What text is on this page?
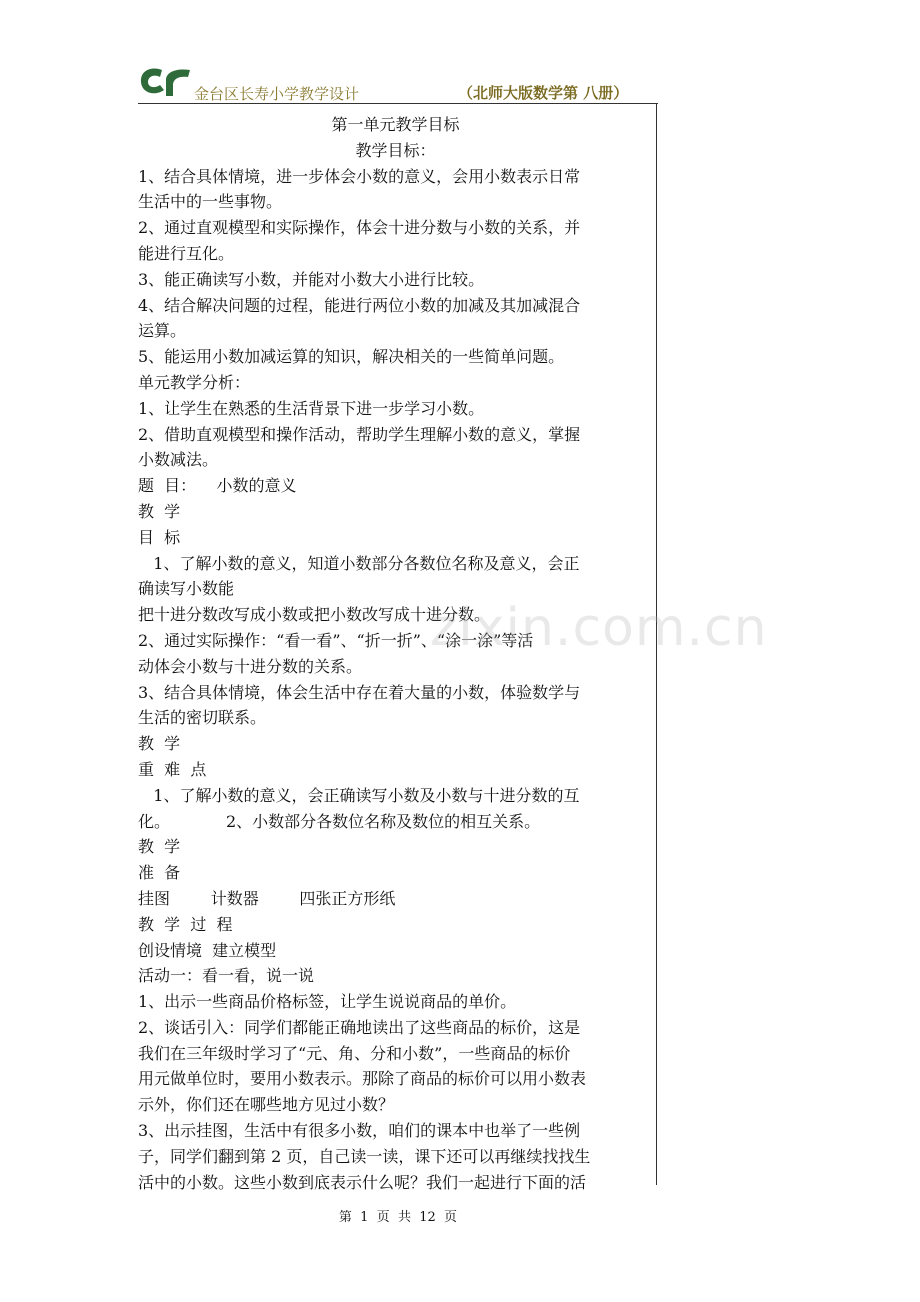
金台区长寿小学教学设计	（北师大版数学第 八册）
第一单元教学目标
教学目标：
1、结合具体情境，进一步体会小数的意义，会用小数表示日常
生活中的一些事物。
2、通过直观模型和实际操作，体会十进分数与小数的关系，并
能进行互化。
3、能正确读写小数，并能对小数大小进行比较。
4、结合解决问题的过程，能进行两位小数的加减及其加减混合
运算。
5、能运用小数加减运算的知识，解决相关的一些简单问题。
单元教学分析：
1、让学生在熟悉的生活背景下进一步学习小数。
2、借助直观模型和操作活动，帮助学生理解小数的意义，掌握
小数减法。
题  目：    小数的意义
教  学
目  标
1、了解小数的意义，知道小数部分各数位名称及意义，会正
确读写小数能
把十进分数改写成小数或把小数改写成十进分数。
2、通过实际操作：“看一看”、“折一折”、“涂一涂”等活
动体会小数与十进分数的关系。
3、结合具体情境，体会生活中存在着大量的小数，体验数学与
生活的密切联系。
教  学
重  难  点
1、了解小数的意义，会正确读写小数及小数与十进分数的互
化。           2、小数部分各数位名称及数位的相互关系。
教  学
准  备
挂图        计数器        四张正方形纸
教  学  过  程
创设情境  建立模型
活动一：看一看，说一说
1、出示一些商品价格标签，让学生说说商品的单价。
2、谈话引入：同学们都能正确地读出了这些商品的标价，这是
我们在三年级时学习了“元、角、分和小数”，一些商品的标价
用元做单位时，要用小数表示。那除了商品的标价可以用小数表
示外，你们还在哪些地方见过小数？
3、出示挂图，生活中有很多小数，咱们的课本中也举了一些例
子，同学们翻到第 2 页，自己读一读，课下还可以再继续找找生
活中的小数。这些小数到底表示什么呢？我们一起进行下面的活
zixin.com.cn
第  1  页  共  12  页
